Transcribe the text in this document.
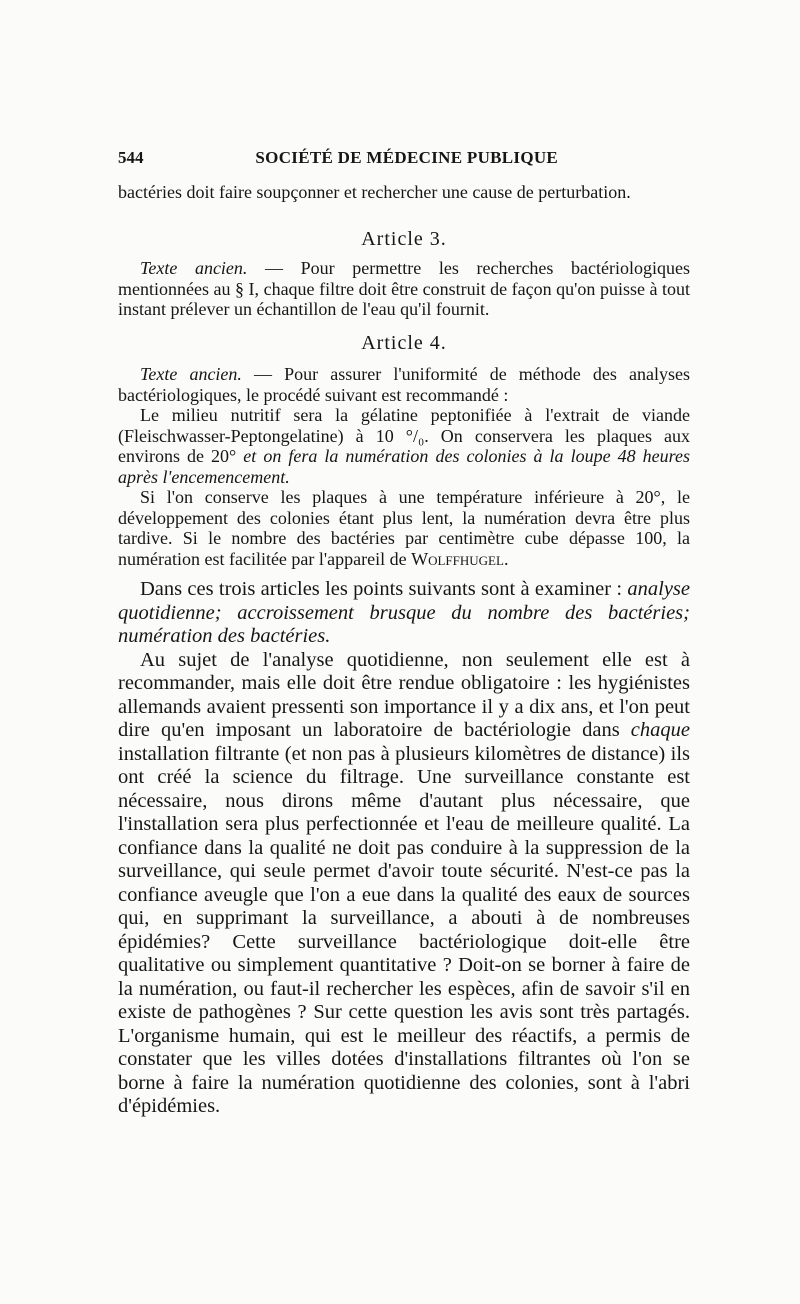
544	SOCIÉTÉ DE MÉDECINE PUBLIQUE

bactéries doit faire soupçonner et rechercher une cause de perturbation.

Article 3.

Texte ancien. — Pour permettre les recherches bactériologiques mentionnées au § I, chaque filtre doit être construit de façon qu'on puisse à tout instant prélever un échantillon de l'eau qu'il fournit.

Article 4.

Texte ancien. — Pour assurer l'uniformité de méthode des analyses bactériologiques, le procédé suivant est recommandé :

Le milieu nutritif sera la gélatine peptonifiée à l'extrait de viande (Fleischwasser-Peptongelatine) à 10 °/₀. On conservera les plaques aux environs de 20° et on fera la numération des colonies à la loupe 48 heures après l'encemencement.

Si l'on conserve les plaques à une température inférieure à 20°, le développement des colonies étant plus lent, la numération devra être plus tardive. Si le nombre des bactéries par centimètre cube dépasse 100, la numération est facilitée par l'appareil de Wolffhugel.

Dans ces trois articles les points suivants sont à examiner : analyse quotidienne; accroissement brusque du nombre des bactéries; numération des bactéries.

Au sujet de l'analyse quotidienne, non seulement elle est à recommander, mais elle doit être rendue obligatoire : les hygiénistes allemands avaient pressenti son importance il y a dix ans, et l'on peut dire qu'en imposant un laboratoire de bactériologie dans chaque installation filtrante (et non pas à plusieurs kilomètres de distance) ils ont créé la science du filtrage. Une surveillance constante est nécessaire, nous dirons même d'autant plus nécessaire, que l'installation sera plus perfectionnée et l'eau de meilleure qualité. La confiance dans la qualité ne doit pas conduire à la suppression de la surveillance, qui seule permet d'avoir toute sécurité. N'est-ce pas la confiance aveugle que l'on a eue dans la qualité des eaux de sources qui, en supprimant la surveillance, a abouti à de nombreuses épidémies? Cette surveillance bactériologique doit-elle être qualitative ou simplement quantitative ? Doit-on se borner à faire de la numération, ou faut-il rechercher les espèces, afin de savoir s'il en existe de pathogènes ? Sur cette question les avis sont très partagés. L'organisme humain, qui est le meilleur des réactifs, a permis de constater que les villes dotées d'installations filtrantes où l'on se borne à faire la numération quotidienne des colonies, sont à l'abri d'épidémies.
